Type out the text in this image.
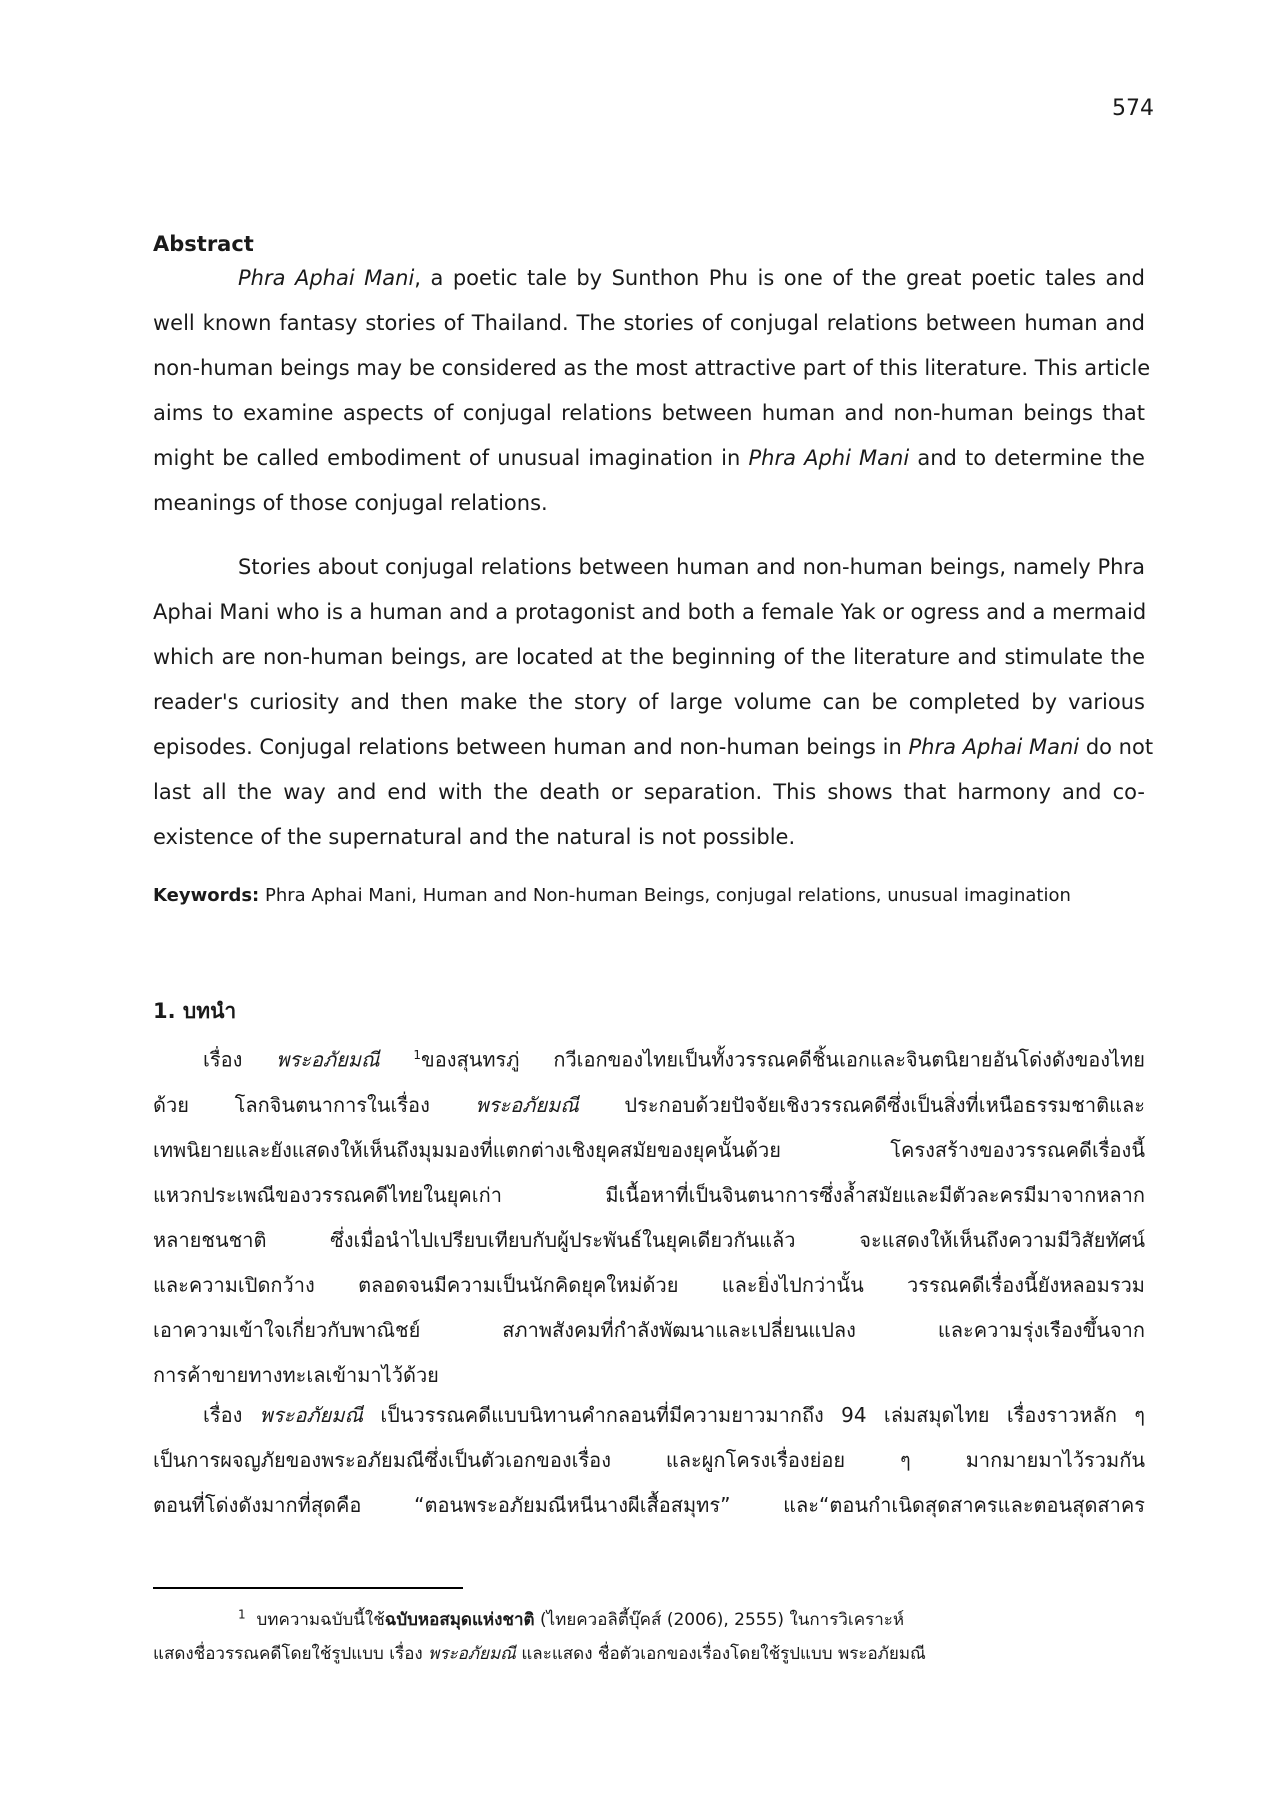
574
Abstract
Phra Aphai Mani, a poetic tale by Sunthon Phu is one of the great poetic tales and
well known fantasy stories of Thailand. The stories of conjugal relations between human and
non-human beings may be considered as the most attractive part of this literature. This article
aims to examine aspects of conjugal relations between human and non-human beings that
might be called embodiment of unusual imagination in Phra Aphi Mani and to determine the
meanings of those conjugal relations.
Stories about conjugal relations between human and non-human beings, namely Phra
Aphai Mani who is a human and a protagonist and both a female Yak or ogress and a mermaid
which are non-human beings, are located at the beginning of the literature and stimulate the
reader's curiosity and then make the story of large volume can be completed by various
episodes. Conjugal relations between human and non-human beings in Phra Aphai Mani do not
last all the way and end with the death or separation. This shows that harmony and co-
existence of the supernatural and the natural is not possible.
Keywords: Phra Aphai Mani, Human and Non-human Beings, conjugal relations, unusual imagination
1. บทนำ
เรื่อง พระอภัยมณี	$^1$ของสุนทรภู่ กวีเอกของไทยเป็นทั้งวรรณคดีชิ้นเอกและจินตนิยายอันโด่งดังของไทย
ด้วย โลกจินตนาการในเรื่อง พระอภัยมณี ประกอบด้วยปัจจัยเชิงวรรณคดีซึ่งเป็นสิ่งที่เหนือธรรมชาติและ
เทพนิยายและยังแสดงให้เห็นถึงมุมมองที่แตกต่างเชิงยุคสมัยของยุคนั้นด้วย โครงสร้างของวรรณคดีเรื่องนี้
แหวกประเพณีของวรรณคดีไทยในยุคเก่า มีเนื้อหาที่เป็นจินตนาการซึ่งล้ำสมัยและมีตัวละครมีมาจากหลาก
หลายชนชาติ ซึ่งเมื่อนำไปเปรียบเทียบกับผู้ประพันธ์ในยุคเดียวกันแล้ว จะแสดงให้เห็นถึงความมีวิสัยทัศน์
และความเปิดกว้าง ตลอดจนมีความเป็นนักคิดยุคใหม่ด้วย และยิ่งไปกว่านั้น วรรณคดีเรื่องนี้ยังหลอมรวม
เอาความเข้าใจเกี่ยวกับพาณิชย์ สภาพสังคมที่กำลังพัฒนาและเปลี่ยนแปลง และความรุ่งเรืองขึ้นจาก
การค้าขายทางทะเลเข้ามาไว้ด้วย
เรื่อง พระอภัยมณี เป็นวรรณคดีแบบนิทานคำกลอนที่มีความยาวมากถึง 94 เล่มสมุดไทย เรื่องราวหลัก ๆ
เป็นการผจญภัยของพระอภัยมณีซึ่งเป็นตัวเอกของเรื่อง และผูกโครงเรื่องย่อย ๆ มากมายมาไว้รวมกัน
ตอนที่โด่งดังมากที่สุดคือ “ตอนพระอภัยมณีหนีนางผีเสื้อสมุทร” และ“ตอนกำเนิดสุดสาครและตอนสุดสาคร
$^1$ บทความฉบับนี้ใช้ฉบับหอสมุดแห่งชาติ (ไทยควอลิตี้บุ๊คส์ (2006), 2555) ในการวิเคราะห์
แสดงชื่อวรรณคดีโดยใช้รูปแบบ เรื่อง พระอภัยมณี และแสดง ชื่อตัวเอกของเรื่องโดยใช้รูปแบบ พระอภัยมณี
